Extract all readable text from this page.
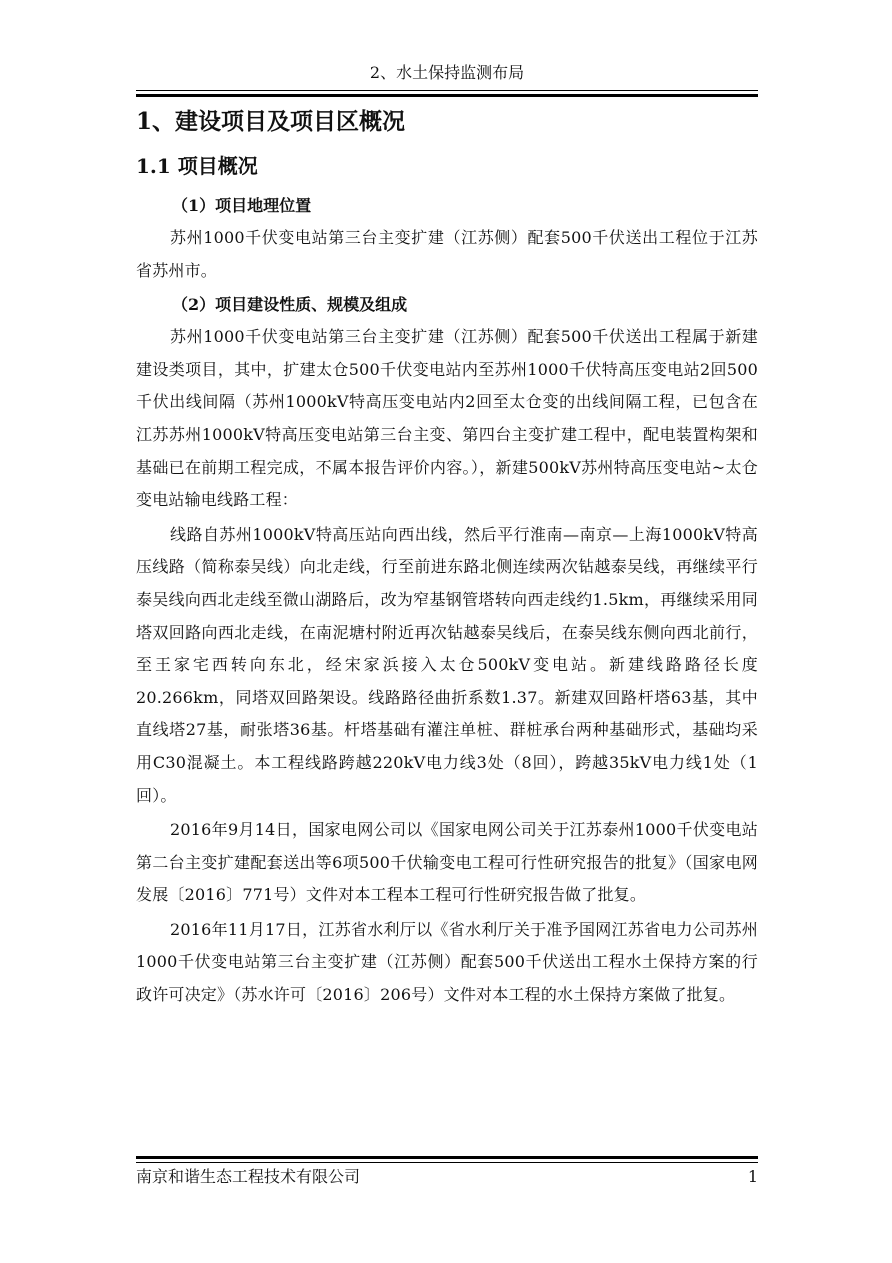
2、水土保持监测布局
1、建设项目及项目区概况
1.1 项目概况
（1）项目地理位置

苏州1000千伏变电站第三台主变扩建（江苏侧）配套500千伏送出工程位于江苏省苏州市。

（2）项目建设性质、规模及组成

苏州1000千伏变电站第三台主变扩建（江苏侧）配套500千伏送出工程属于新建建设类项目，其中，扩建太仓500千伏变电站内至苏州1000千伏特高压变电站2回500千伏出线间隔（苏州1000kV特高压变电站内2回至太仓变的出线间隔工程，已包含在江苏苏州1000kV特高压变电站第三台主变、第四台主变扩建工程中，配电装置构架和基础已在前期工程完成，不属本报告评价内容。），新建500kV苏州特高压变电站~太仓变电站输电线路工程：

线路自苏州1000kV特高压站向西出线，然后平行淮南—南京—上海1000kV特高压线路（简称泰吴线）向北走线，行至前进东路北侧连续两次钻越泰吴线，再继续平行泰吴线向西北走线至微山湖路后，改为窄基钢管塔转向西走线约1.5km，再继续采用同塔双回路向西北走线，在南泥塘村附近再次钻越泰吴线后，在泰吴线东侧向西北前行，至王家宅西转向东北，经宋家浜接入太仓500kV变电站。新建线路路径长度20.266km，同塔双回路架设。线路路径曲折系数1.37。新建双回路杆塔63基，其中直线塔27基，耐张塔36基。杆塔基础有灌注单桩、群桩承台两种基础形式，基础均采用C30混凝土。本工程线路跨越220kV电力线3处（8回），跨越35kV电力线1处（1回）。

2016年9月14日，国家电网公司以《国家电网公司关于江苏泰州1000千伏变电站第二台主变扩建配套送出等6项500千伏输变电工程可行性研究报告的批复》（国家电网发展〔2016〕771号）文件对本工程本工程可行性研究报告做了批复。

2016年11月17日，江苏省水利厅以《省水利厅关于准予国网江苏省电力公司苏州1000千伏变电站第三台主变扩建（江苏侧）配套500千伏送出工程水土保持方案的行政许可决定》（苏水许可〔2016〕206号）文件对本工程的水土保持方案做了批复。

南京和谐生态工程技术有限公司	1
